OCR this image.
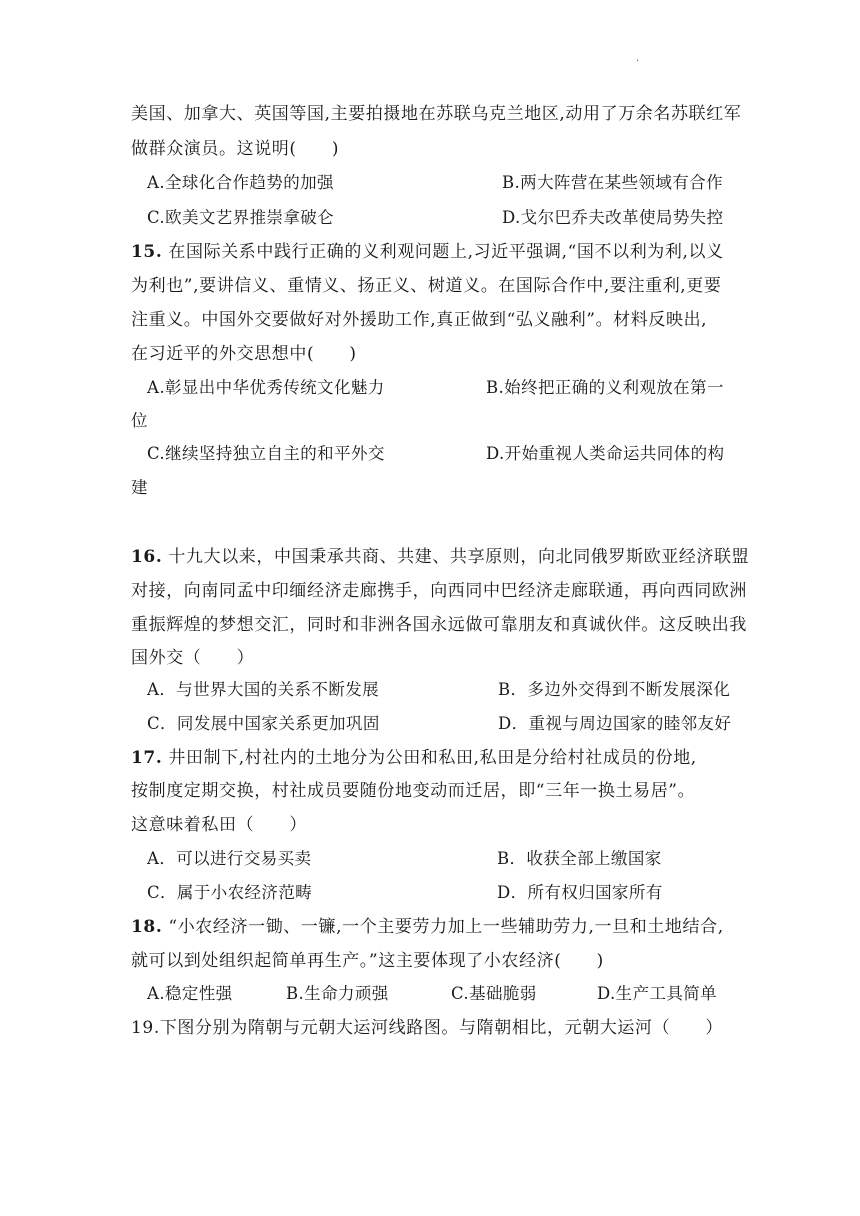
·
美国、加拿大、英国等国,主要拍摄地在苏联乌克兰地区,动用了万余名苏联红军
做群众演员。这说明(　　)
A.全球化合作趋势的加强	B.两大阵营在某些领域有合作
C.欧美文艺界推崇拿破仑	D.戈尔巴乔夫改革使局势失控
15. 在国际关系中践行正确的义利观问题上,习近平强调,“国不以利为利,以义
为利也”,要讲信义、重情义、扬正义、树道义。在国际合作中,要注重利,更要
注重义。中国外交要做好对外援助工作,真正做到“弘义融利”。材料反映出,
在习近平的外交思想中(　　)
A.彰显出中华优秀传统文化魅力	B.始终把正确的义利观放在第一
位
C.继续坚持独立自主的和平外交	D.开始重视人类命运共同体的构
建
16. 十九大以来，中国秉承共商、共建、共享原则，向北同俄罗斯欧亚经济联盟
对接，向南同孟中印缅经济走廊携手，向西同中巴经济走廊联通，再向西同欧洲
重振辉煌的梦想交汇，同时和非洲各国永远做可靠朋友和真诚伙伴。这反映出我
国外交（　　）
A．与世界大国的关系不断发展	B．多边外交得到不断发展深化
C．同发展中国家关系更加巩固	D．重视与周边国家的睦邻友好
17. 井田制下,村社内的土地分为公田和私田,私田是分给村社成员的份地,
按制度定期交换，村社成员要随份地变动而迁居，即“三年一换土易居”。
这意味着私田（　　）
A．可以进行交易买卖	B．收获全部上缴国家
C．属于小农经济范畴	D．所有权归国家所有
18. “小农经济一锄、一镰,一个主要劳力加上一些辅助劳力,一旦和土地结合,
就可以到处组织起简单再生产。”这主要体现了小农经济(　　)
A.稳定性强	B.生命力顽强	C.基础脆弱	D.生产工具简单
19.下图分别为隋朝与元朝大运河线路图。与隋朝相比，元朝大运河（　　）
